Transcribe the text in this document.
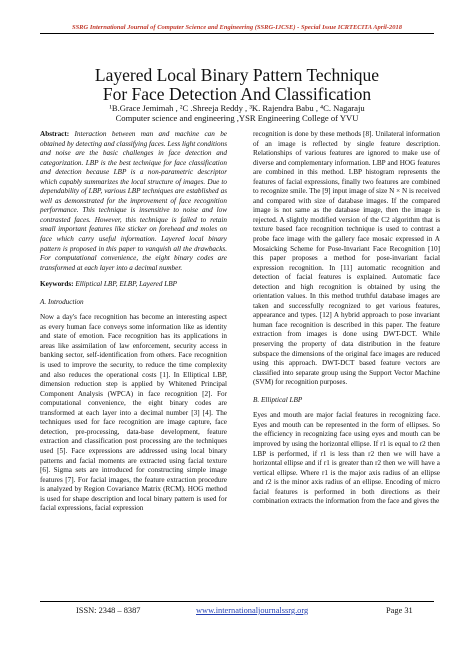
SSRG International Journal of Computer Science and Engineering (SSRG-IJCSE) - Special Issue ICRTECITA April-2018
Layered Local Binary Pattern Technique
For Face Detection And Classification
¹B.Grace Jemimah , ²C .Shreeja Reddy , ³K. Rajendra Babu , ⁴C. Nagaraju
Computer science and engineering ,YSR Engineering College of YVU

Abstract: Interaction between man and machine can be obtained by detecting and classifying faces. Less light conditions and noise are the basic challenges in face detection and categorization. LBP is the best technique for face classification and detection because LBP is a non-parametric descriptor which capably summarizes the local structure of images. Due to dependability of LBP, various LBP techniques are established as well as demonstrated for the improvement of face recognition performance. This technique is insensitive to noise and low contrasted faces. However, this technique is failed to retain small important features like sticker on forehead and moles on face which carry useful information. Layered local binary pattern is proposed in this paper to vanquish all the drawbacks. For computational convenience, the eight binary codes are transformed at each layer into a decimal number.

Keywords: Elliptical LBP, ELBP, Layered LBP

A. Introduction

Now a day's face recognition has become an interesting aspect as every human face conveys some information like as identity and state of emotion. Face recognition has its applications in areas like assimilation of law enforcement, security access in banking sector, self-identification from others. Face recognition is used to improve the security, to reduce the time complexity and also reduces the operational costs [1]. In Elliptical LBP, dimension reduction step is applied by Whitened Principal Component Analysis (WPCA) in face recognition [2]. For computational convenience, the eight binary codes are transformed at each layer into a decimal number [3] [4]. The techniques used for face recognition are image capture, face detection, pre-processing, data-base development, feature extraction and classification post processing are the techniques used [5]. Face expressions are addressed using local binary patterns and facial moments are extracted using facial texture [6]. Sigma sets are introduced for constructing simple image features [7]. For facial images, the feature extraction procedure is analyzed by Region Covariance Matrix (RCM). HOG method is used for shape description and local binary pattern is used for facial expressions, facial expression

recognition is done by these methods [8]. Unilateral information of an image is reflected by single feature description. Relationships of various features are ignored to make use of diverse and complementary information. LBP and HOG features are combined in this method. LBP histogram represents the features of facial expressions, finally two features are combined to recognize smile. The [9] input image of size N × N is received and compared with size of database images. If the compared image is not same as the database image, then the image is rejected. A slightly modified version of the C2 algorithm that is texture based face recognition technique is used to contrast a probe face image with the gallery face mosaic expressed in A Mosaicking Scheme for Pose-Invariant Face Recognition [10] this paper proposes a method for pose-invariant facial expression recognition. In [11] automatic recognition and detection of facial features is explained. Automatic face detection and high recognition is obtained by using the orientation values. In this method truthful database images are taken and successfully recognized to get various features, appearance and types. [12] A hybrid approach to pose invariant human face recognition is described in this paper. The feature extraction from images is done using DWT-DCT. While preserving the property of data distribution in the feature subspace the dimensions of the original face images are reduced using this approach. DWT-DCT based feature vectors are classified into separate group using the Support Vector Machine (SVM) for recognition purposes.

B. Elliptical LBP

Eyes and mouth are major facial features in recognizing face. Eyes and mouth can be represented in the form of ellipses. So the efficiency in recognizing face using eyes and mouth can be improved by using the horizontal ellipse. If r1 is equal to r2 then LBP is performed, if r1 is less than r2 then we will have a horizontal ellipse and if r1 is greater than r2 then we will have a vertical ellipse. Where r1 is the major axis radius of an ellipse and r2 is the minor axis radius of an ellipse. Encoding of micro facial features is performed in both directions as their combination extracts the information from the face and gives the

ISSN: 2348 – 8387	www.internationaljournalssrg.org	Page 31
